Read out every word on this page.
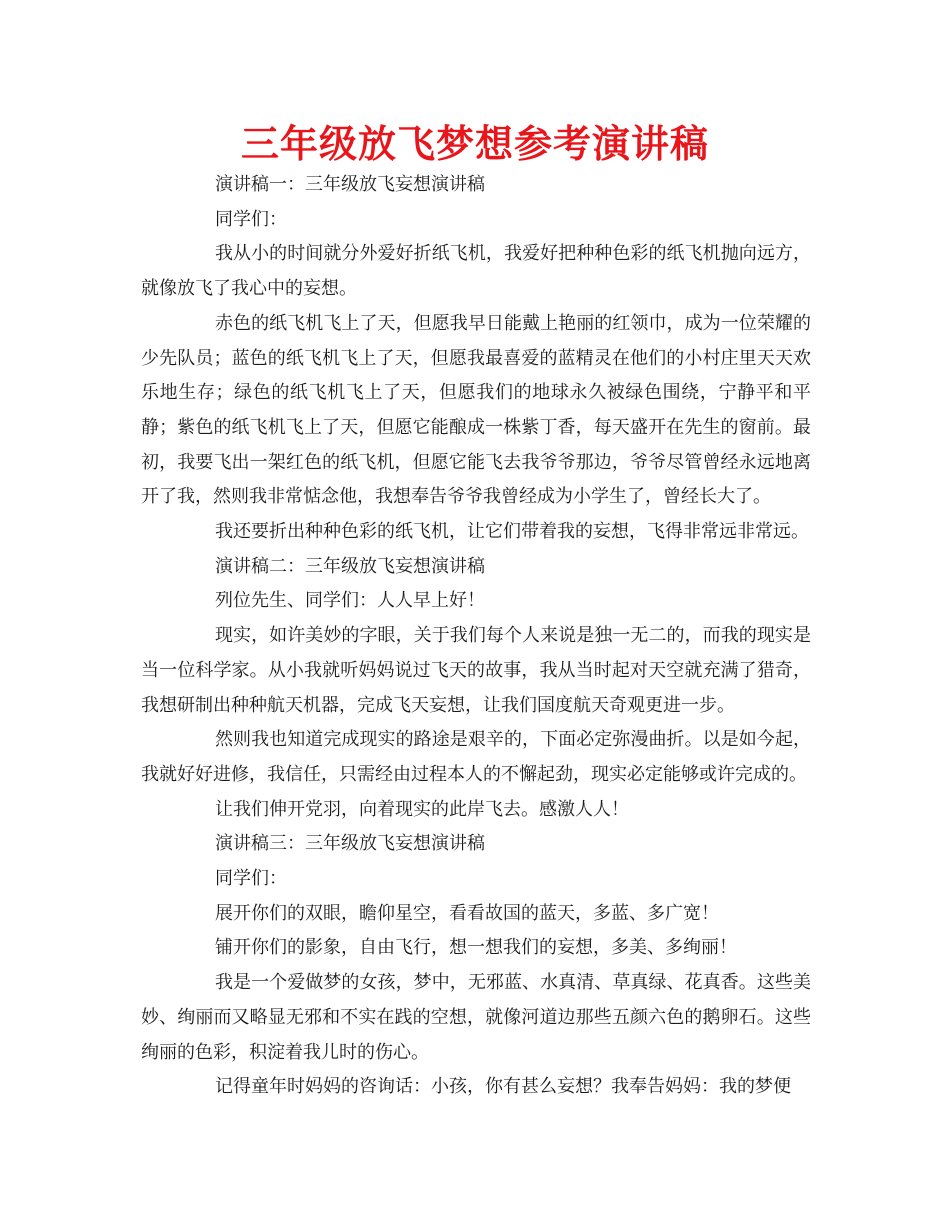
三年级放飞梦想参考演讲稿

演讲稿一：三年级放飞妄想演讲稿

同学们：

我从小的时间就分外爱好折纸飞机，我爱好把种种色彩的纸飞机抛向远方，就像放飞了我心中的妄想。

赤色的纸飞机飞上了天，但愿我早日能戴上艳丽的红领巾，成为一位荣耀的少先队员；蓝色的纸飞机飞上了天，但愿我最喜爱的蓝精灵在他们的小村庄里天天欢乐地生存；绿色的纸飞机飞上了天，但愿我们的地球永久被绿色围绕，宁静平和平静；紫色的纸飞机飞上了天，但愿它能酿成一株紫丁香，每天盛开在先生的窗前。最初，我要飞出一架红色的纸飞机，但愿它能飞去我爷爷那边，爷爷尽管曾经永远地离开了我，然则我非常惦念他，我想奉告爷爷我曾经成为小学生了，曾经长大了。

我还要折出种种色彩的纸飞机，让它们带着我的妄想，飞得非常远非常远。

演讲稿二：三年级放飞妄想演讲稿

列位先生、同学们：人人早上好！

现实，如许美妙的字眼，关于我们每个人来说是独一无二的，而我的现实是当一位科学家。从小我就听妈妈说过飞天的故事，我从当时起对天空就充满了猎奇，我想研制出种种航天机器，完成飞天妄想，让我们国度航天奇观更进一步。

然则我也知道完成现实的路途是艰辛的，下面必定弥漫曲折。以是如今起，我就好好进修，我信任，只需经由过程本人的不懈起劲，现实必定能够或许完成的。

让我们伸开党羽，向着现实的此岸飞去。感激人人！

演讲稿三：三年级放飞妄想演讲稿

同学们：

展开你们的双眼，瞻仰星空，看看故国的蓝天，多蓝、多广宽！

铺开你们的影象，自由飞行，想一想我们的妄想，多美、多绚丽！

我是一个爱做梦的女孩，梦中，无邪蓝、水真清、草真绿、花真香。这些美妙、绚丽而又略显无邪和不实在践的空想，就像河道边那些五颜六色的鹅卵石。这些绚丽的色彩，积淀着我儿时的伤心。

记得童年时妈妈的咨询话：小孩，你有甚么妄想？我奉告妈妈：我的梦便
